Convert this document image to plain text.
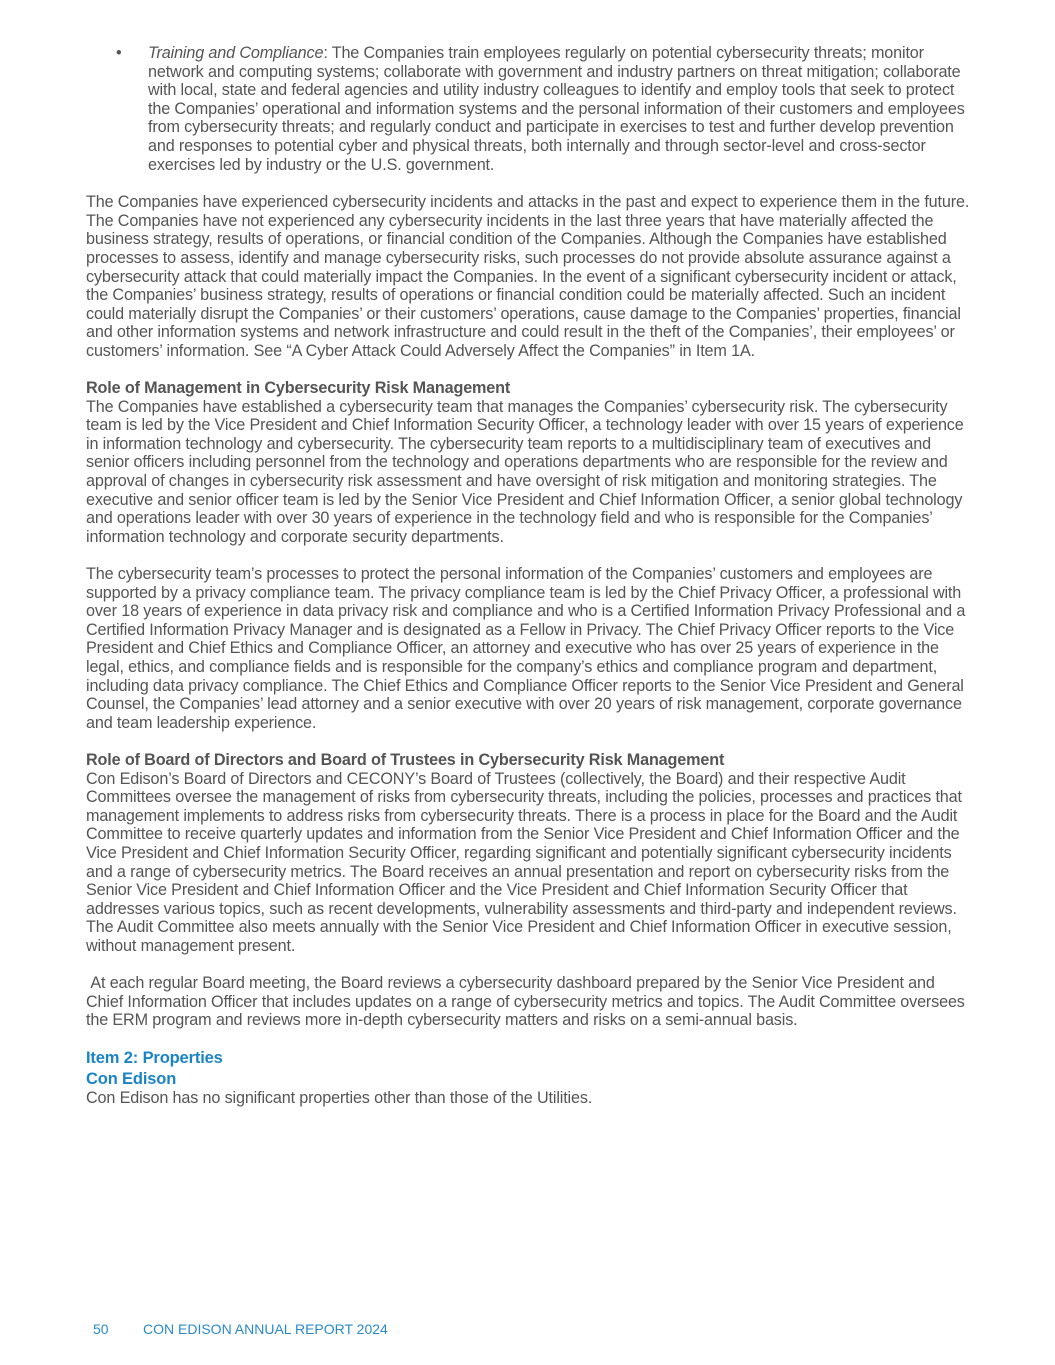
• Training and Compliance: The Companies train employees regularly on potential cybersecurity threats; monitor network and computing systems; collaborate with government and industry partners on threat mitigation; collaborate with local, state and federal agencies and utility industry colleagues to identify and employ tools that seek to protect the Companies’ operational and information systems and the personal information of their customers and employees from cybersecurity threats; and regularly conduct and participate in exercises to test and further develop prevention and responses to potential cyber and physical threats, both internally and through sector-level and cross-sector exercises led by industry or the U.S. government.

The Companies have experienced cybersecurity incidents and attacks in the past and expect to experience them in the future. The Companies have not experienced any cybersecurity incidents in the last three years that have materially affected the business strategy, results of operations, or financial condition of the Companies. Although the Companies have established processes to assess, identify and manage cybersecurity risks, such processes do not provide absolute assurance against a cybersecurity attack that could materially impact the Companies. In the event of a significant cybersecurity incident or attack, the Companies’ business strategy, results of operations or financial condition could be materially affected. Such an incident could materially disrupt the Companies’ or their customers’ operations, cause damage to the Companies’ properties, financial and other information systems and network infrastructure and could result in the theft of the Companies’, their employees’ or customers’ information. See “A Cyber Attack Could Adversely Affect the Companies” in Item 1A.

Role of Management in Cybersecurity Risk Management

The Companies have established a cybersecurity team that manages the Companies’ cybersecurity risk. The cybersecurity team is led by the Vice President and Chief Information Security Officer, a technology leader with over 15 years of experience in information technology and cybersecurity. The cybersecurity team reports to a multidisciplinary team of executives and senior officers including personnel from the technology and operations departments who are responsible for the review and approval of changes in cybersecurity risk assessment and have oversight of risk mitigation and monitoring strategies. The executive and senior officer team is led by the Senior Vice President and Chief Information Officer, a senior global technology and operations leader with over 30 years of experience in the technology field and who is responsible for the Companies’ information technology and corporate security departments.

The cybersecurity team’s processes to protect the personal information of the Companies’ customers and employees are supported by a privacy compliance team. The privacy compliance team is led by the Chief Privacy Officer, a professional with over 18 years of experience in data privacy risk and compliance and who is a Certified Information Privacy Professional and a Certified Information Privacy Manager and is designated as a Fellow in Privacy. The Chief Privacy Officer reports to the Vice President and Chief Ethics and Compliance Officer, an attorney and executive who has over 25 years of experience in the legal, ethics, and compliance fields and is responsible for the company’s ethics and compliance program and department, including data privacy compliance. The Chief Ethics and Compliance Officer reports to the Senior Vice President and General Counsel, the Companies’ lead attorney and a senior executive with over 20 years of risk management, corporate governance and team leadership experience.

Role of Board of Directors and Board of Trustees in Cybersecurity Risk Management

Con Edison’s Board of Directors and CECONY’s Board of Trustees (collectively, the Board) and their respective Audit Committees oversee the management of risks from cybersecurity threats, including the policies, processes and practices that management implements to address risks from cybersecurity threats. There is a process in place for the Board and the Audit Committee to receive quarterly updates and information from the Senior Vice President and Chief Information Officer and the Vice President and Chief Information Security Officer, regarding significant and potentially significant cybersecurity incidents and a range of cybersecurity metrics. The Board receives an annual presentation and report on cybersecurity risks from the Senior Vice President and Chief Information Officer and the Vice President and Chief Information Security Officer that addresses various topics, such as recent developments, vulnerability assessments and third-party and independent reviews. The Audit Committee also meets annually with the Senior Vice President and Chief Information Officer in executive session, without management present.

At each regular Board meeting, the Board reviews a cybersecurity dashboard prepared by the Senior Vice President and Chief Information Officer that includes updates on a range of cybersecurity metrics and topics. The Audit Committee oversees the ERM program and reviews more in-depth cybersecurity matters and risks on a semi-annual basis.

Item 2: Properties

Con Edison

Con Edison has no significant properties other than those of the Utilities.

50 CON EDISON ANNUAL REPORT 2024
